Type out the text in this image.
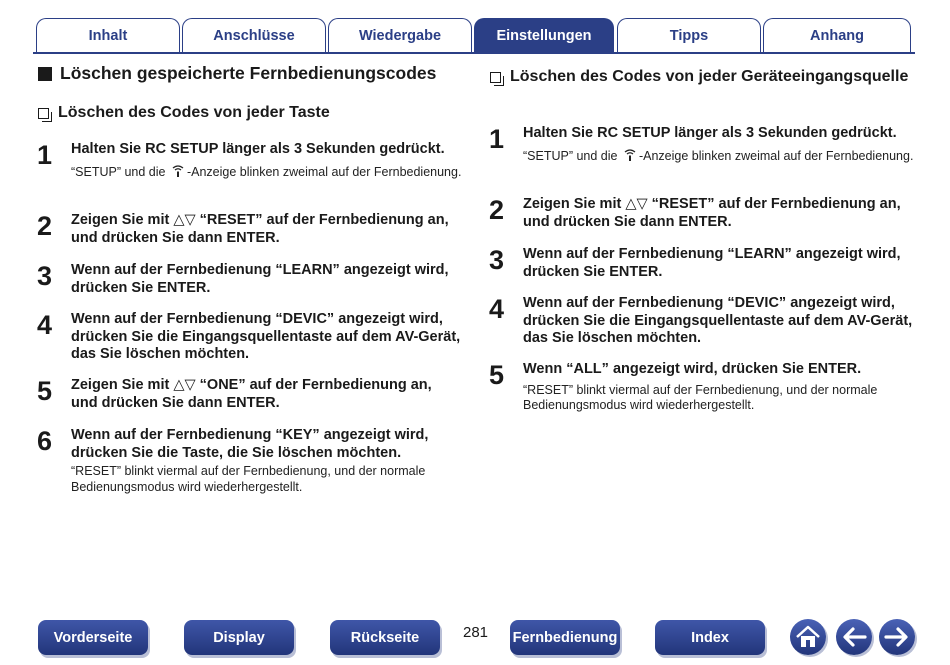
Inhalt	Anschlüsse	Wiedergabe	Einstellungen	Tipps	Anhang
Löschen gespeicherte Fernbedienungscodes
Löschen des Codes von jeder Taste
1	Halten Sie RC SETUP länger als 3 Sekunden gedrückt.
“SETUP” und die -Anzeige blinken zweimal auf der Fernbedienung.
2	Zeigen Sie mit △▽ “RESET” auf der Fernbedienung an, und drücken Sie dann ENTER.
3	Wenn auf der Fernbedienung “LEARN” angezeigt wird, drücken Sie ENTER.
4	Wenn auf der Fernbedienung “DEVIC” angezeigt wird, drücken Sie die Eingangsquellentaste auf dem AV-Gerät, das Sie löschen möchten.
5	Zeigen Sie mit △▽ “ONE” auf der Fernbedienung an, und drücken Sie dann ENTER.
6	Wenn auf der Fernbedienung “KEY” angezeigt wird, drücken Sie die Taste, die Sie löschen möchten.
“RESET” blinkt viermal auf der Fernbedienung, und der normale Bedienungsmodus wird wiederhergestellt.
Löschen des Codes von jeder Geräteeingangsquelle
1	Halten Sie RC SETUP länger als 3 Sekunden gedrückt.
“SETUP” und die -Anzeige blinken zweimal auf der Fernbedienung.
2	Zeigen Sie mit △▽ “RESET” auf der Fernbedienung an, und drücken Sie dann ENTER.
3	Wenn auf der Fernbedienung “LEARN” angezeigt wird, drücken Sie ENTER.
4	Wenn auf der Fernbedienung “DEVIC” angezeigt wird, drücken Sie die Eingangsquellentaste auf dem AV-Gerät, das Sie löschen möchten.
5	Wenn “ALL” angezeigt wird, drücken Sie ENTER.
“RESET” blinkt viermal auf der Fernbedienung, und der normale Bedienungsmodus wird wiederhergestellt.
Vorderseite	Display	Rückseite	281	Fernbedienung	Index
